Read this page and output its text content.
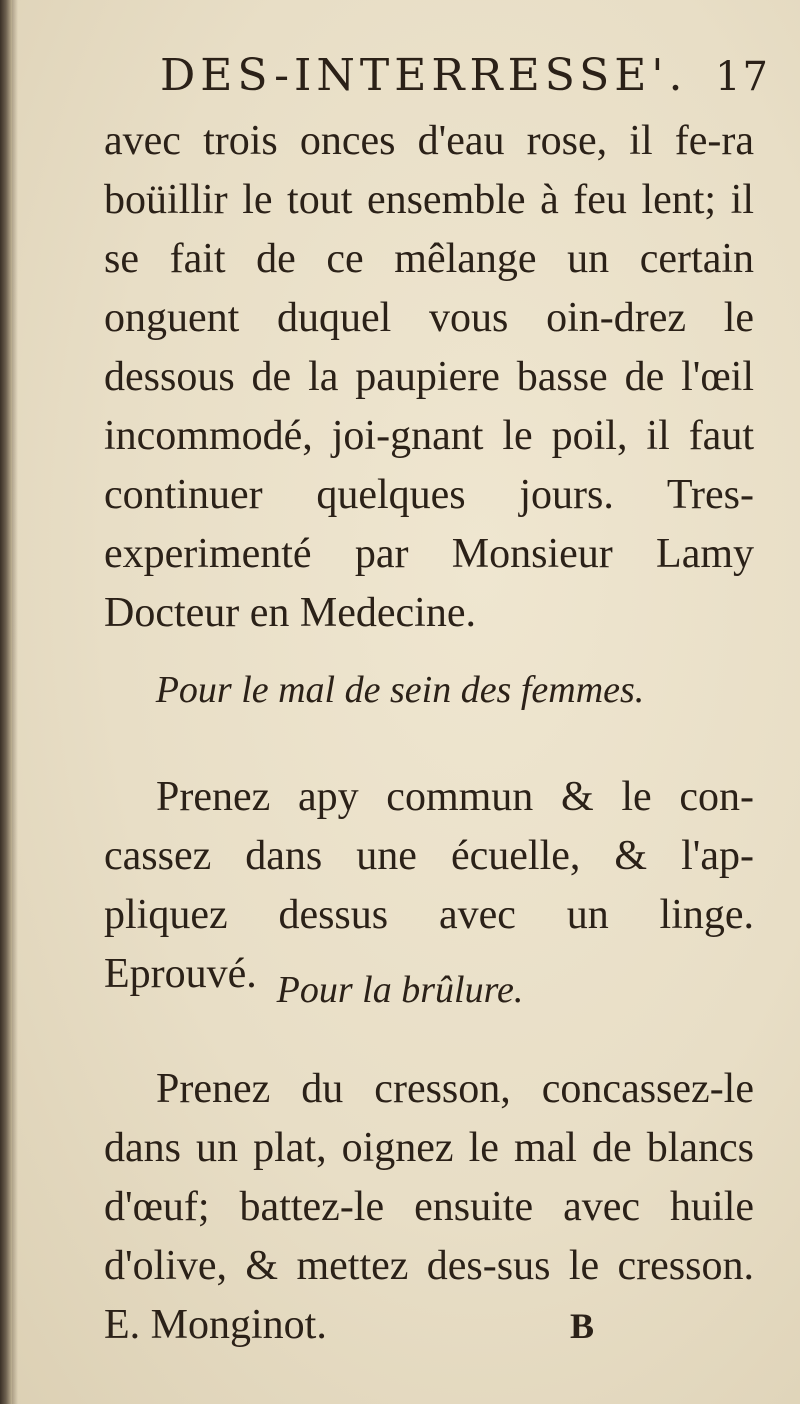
DES-INTERRESSE'. 17

avec trois onces d'eau rose, il fe-ra boüillir le tout ensemble à feu lent; il se fait de ce mêlange un certain onguent duquel vous oin-drez le dessous de la paupiere basse de l'œil incommodé, joi-gnant le poil, il faut continuer quelques jours. Tres-experimenté par Monsieur Lamy Docteur en Medecine.

Pour le mal de sein des femmes.

Prenez apy commun & le con-cassez dans une écuelle, & l'ap-pliquez dessus avec un linge. Eprouvé. Pour la brûlure.

Prenez du cresson, concassez-le dans un plat, oignez le mal de blancs d'œuf; battez-le ensuite avec huile d'olive, & mettez des-sus le cresson. E. Monginot.	B
